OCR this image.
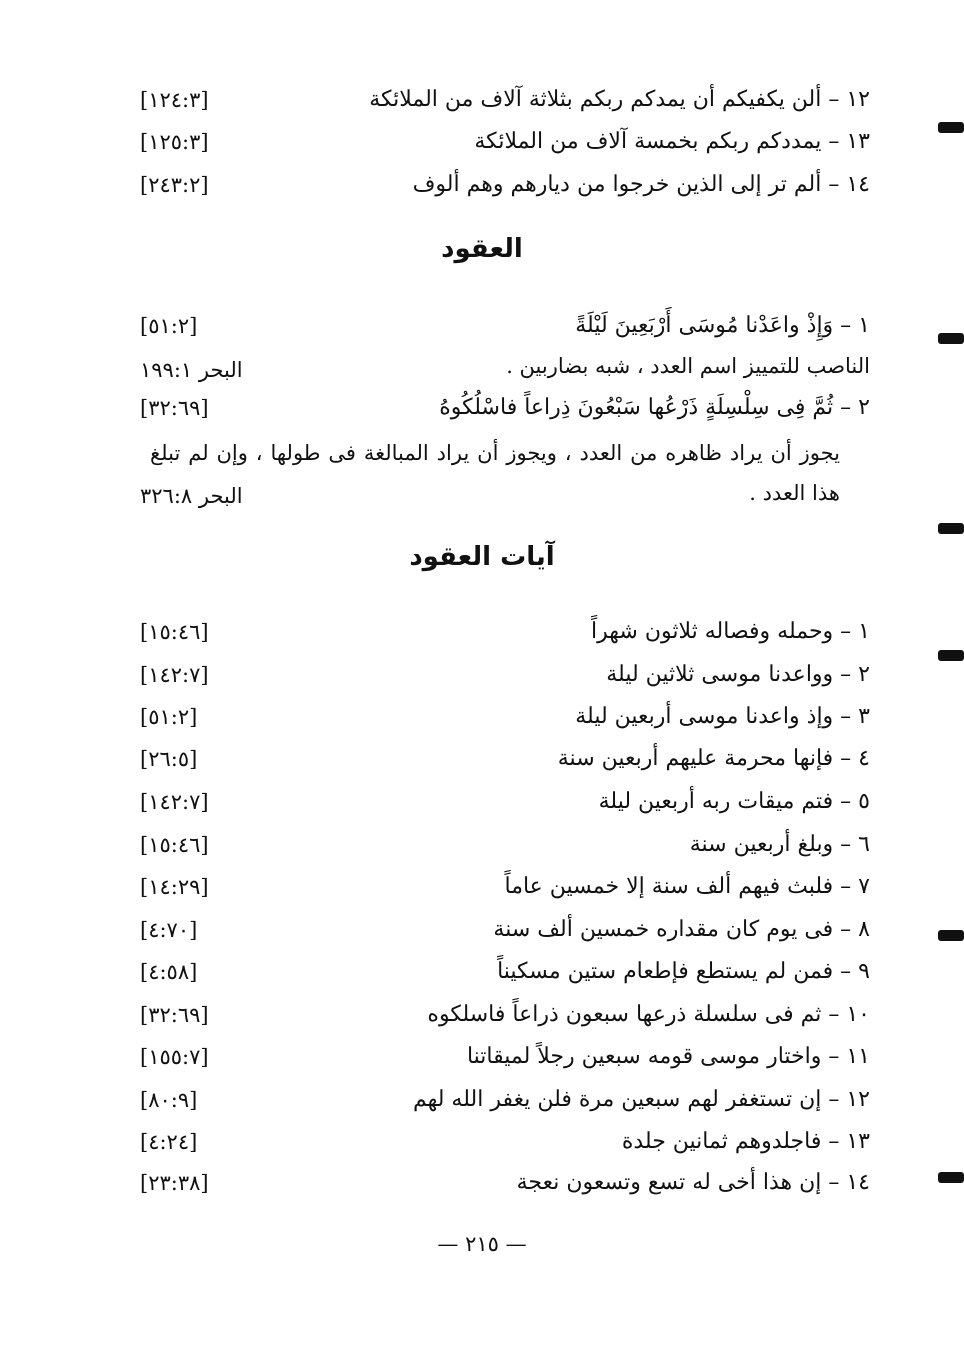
١٢ – ألن يكفيكم أن يمدكم ربكم بثلاثة آلاف من الملائكة
[١٢٤:٣]
١٣ – يمددكم ربكم بخمسة آلاف من الملائكة
[١٢٥:٣]
١٤ – ألم تر إلى الذين خرجوا من ديارهم وهم ألوف
[٢٤٣:٢]
العقود
١ – وَإِذْ واعَدْنا مُوسَى أَرْبَعِينَ لَيْلَةً
[٥١:٢]
الناصب للتمييز اسم العدد ، شبه بضاربين .
البحر ١٩٩:١
٢ – ثُمَّ فِى سِلْسِلَةٍ ذَرْعُها سَبْعُونَ ذِراعاً فاسْلُكُوهُ
[٣٢:٦٩]
يجوز أن يراد ظاهره من العدد ، ويجوز أن يراد المبالغة فى طولها ، وإن لم تبلغ هذا العدد .
البحر ٣٢٦:٨
آيات العقود
١ – وحمله وفصاله ثلاثون شهراً
[١٥:٤٦]
٢ – وواعدنا موسى ثلاثين ليلة
[١٤٢:٧]
٣ – وإذ واعدنا موسى أربعين ليلة
[٥١:٢]
٤ – فإنها محرمة عليهم أربعين سنة
[٢٦:٥]
٥ – فتم ميقات ربه أربعين ليلة
[١٤٢:٧]
٦ – وبلغ أربعين سنة
[١٥:٤٦]
٧ – فلبث فيهم ألف سنة إلا خمسين عاماً
[١٤:٢٩]
٨ – فى يوم كان مقداره خمسين ألف سنة
[٤:٧٠]
٩ – فمن لم يستطع فإطعام ستين مسكيناً
[٤:٥٨]
١٠ – ثم فى سلسلة ذرعها سبعون ذراعاً فاسلكوه
[٣٢:٦٩]
١١ – واختار موسى قومه سبعين رجلاً لميقاتنا
[١٥٥:٧]
١٢ – إن تستغفر لهم سبعين مرة فلن يغفر الله لهم
[٨٠:٩]
١٣ – فاجلدوهم ثمانين جلدة
[٤:٢٤]
١٤ – إن هذا أخى له تسع وتسعون نعجة
[٢٣:٣٨]
— ٢١٥ —
